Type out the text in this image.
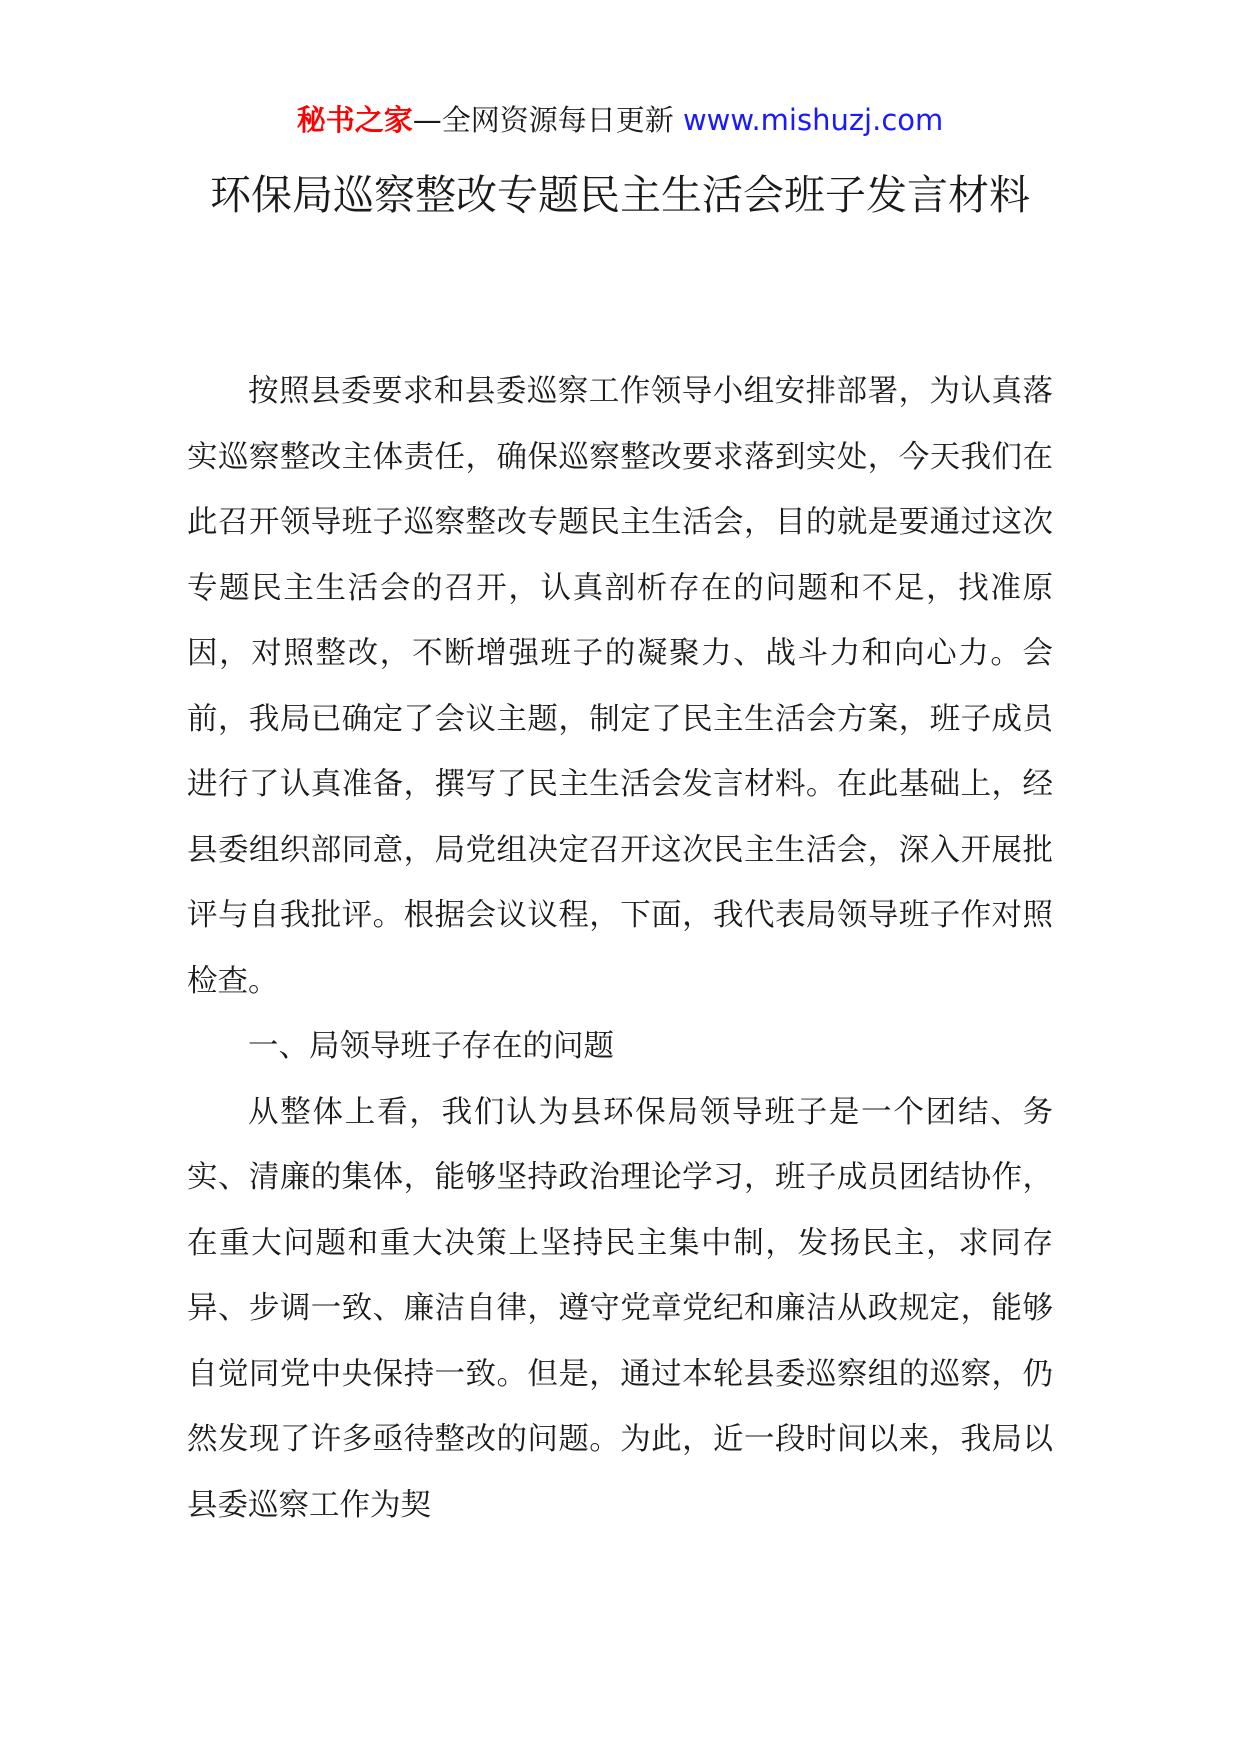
秘书之家—全网资源每日更新 www.mishuzj.com
环保局巡察整改专题民主生活会班子发言材料

按照县委要求和县委巡察工作领导小组安排部署，为认真落实巡察整改主体责任，确保巡察整改要求落到实处，今天我们在此召开领导班子巡察整改专题民主生活会，目的就是要通过这次专题民主生活会的召开，认真剖析存在的问题和不足，找准原因，对照整改，不断增强班子的凝聚力、战斗力和向心力。会前，我局已确定了会议主题，制定了民主生活会方案，班子成员进行了认真准备，撰写了民主生活会发言材料。在此基础上，经县委组织部同意，局党组决定召开这次民主生活会，深入开展批评与自我批评。根据会议议程，下面，我代表局领导班子作对照检查。

一、局领导班子存在的问题

从整体上看，我们认为县环保局领导班子是一个团结、务实、清廉的集体，能够坚持政治理论学习，班子成员团结协作，在重大问题和重大决策上坚持民主集中制，发扬民主，求同存异、步调一致、廉洁自律，遵守党章党纪和廉洁从政规定，能够自觉同党中央保持一致。但是，通过本轮县委巡察组的巡察，仍然发现了许多亟待整改的问题。为此，近一段时间以来，我局以县委巡察工作为契
